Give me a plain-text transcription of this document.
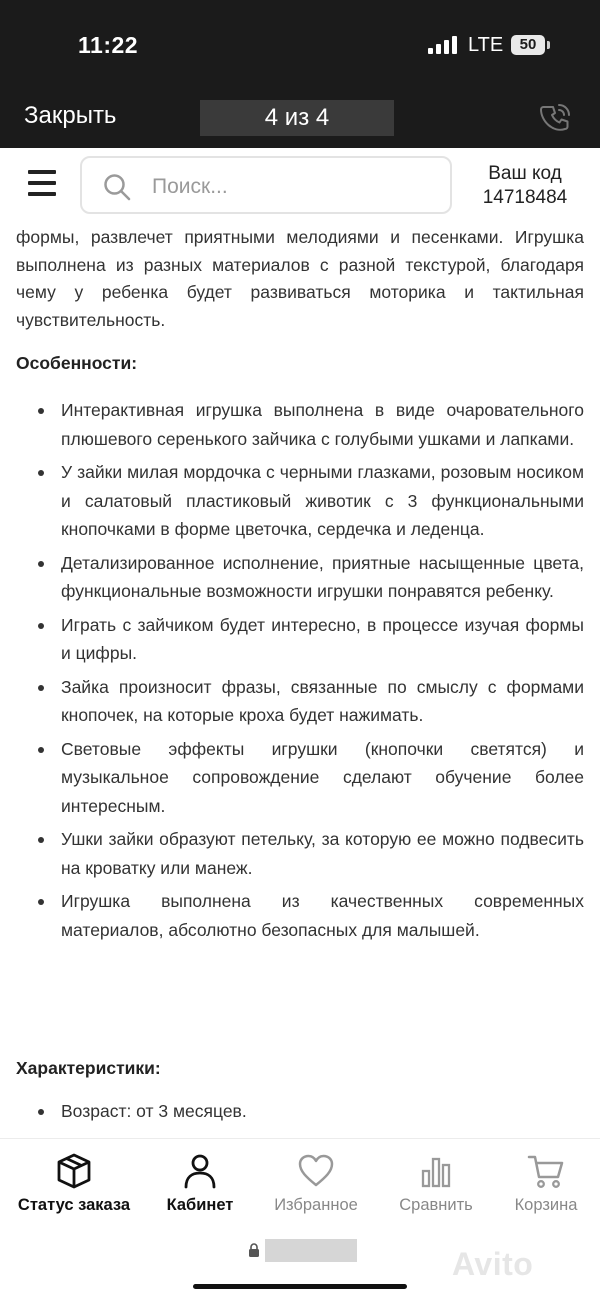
11:22	LTE	50
Закрыть	4 из 4
Поиск...
Ваш код
14718484

формы, развлечет приятными мелодиями и песенками. Игрушка выполнена из разных материалов с разной текстурой, благодаря чему у ребенка будет развиваться моторика и тактильная чувствительность.

Особенности:
Интерактивная игрушка выполнена в виде очаровательного плюшевого серенького зайчика с голубыми ушками и лапками.
У зайки милая мордочка с черными глазками, розовым носиком и салатовый пластиковый животик с 3 функциональными кнопочками в форме цветочка, сердечка и леденца.
Детализированное исполнение, приятные насыщенные цвета, функциональные возможности игрушки понравятся ребенку.
Играть с зайчиком будет интересно, в процессе изучая формы и цифры.
Зайка произносит фразы, связанные по смыслу с формами кнопочек, на которые кроха будет нажимать.
Световые эффекты игрушки (кнопочки светятся) и музыкальное сопровождение сделают обучение более интересным.
Ушки зайки образуют петельку, за которую ее можно подвесить на кроватку или манеж.
Игрушка выполнена из качественных современных материалов, абсолютно безопасных для малышей.
Характеристики:
Возраст: от 3 месяцев.
Статус заказа	Кабинет	Избранное	Сравнить	Корзина
Avito
